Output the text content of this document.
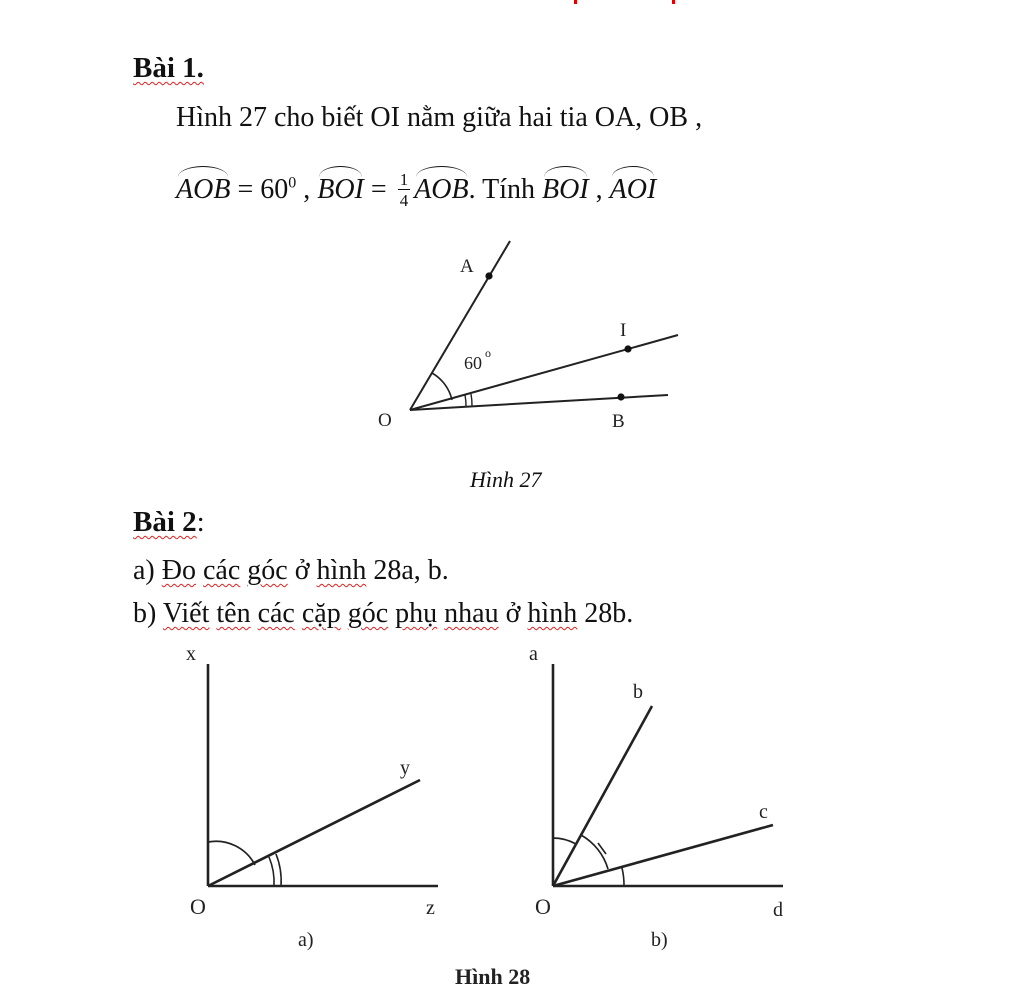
Bài 1.
Hình 27 cho biết OI nằm giữa hai tia OA, OB ,
AOB = $60^0$ , BOI = $\frac{1}{4}$ AOB. Tính BOI , AOI
A
I
O	B
60 o
Hình 27
Bài 2:
a) Đo các góc ở hình 28a, b.
b) Viết tên các cặp góc phụ nhau ở hình 28b.
x
y
O	z
a)
a
b
c
O	d
b)
Hình 28
